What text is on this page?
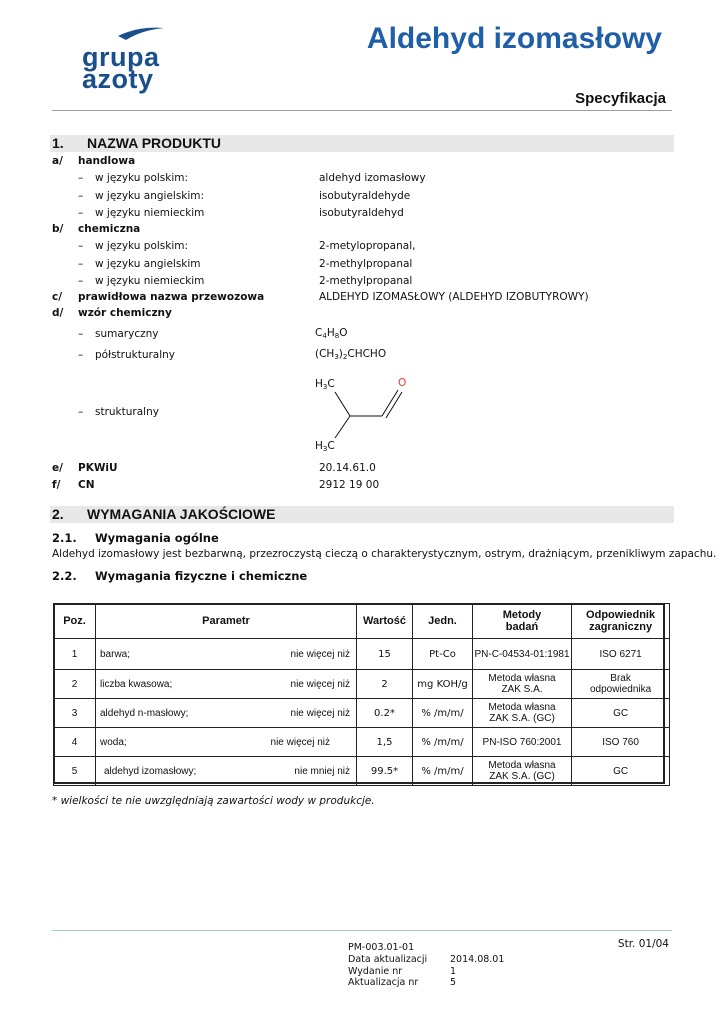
grupa
azoty
Aldehyd izomasłowy
Specyfikacja
1. NAZWA PRODUKTU
a/ handlowa
– w języku polskim:	aldehyd izomasłowy
– w języku angielskim:	isobutyraldehyde
– w języku niemieckim	isobutyraldehyd
b/ chemiczna
– w języku polskim:	2-metylopropanal,
– w języku angielskim	2-methylpropanal
– w języku niemieckim	2-methylpropanal
c/ prawidłowa nazwa przewozowa	ALDEHYD IZOMASŁOWY (ALDEHYD IZOBUTYROWY)
d/ wzór chemiczny
– sumaryczny	$C_4H_8O$
– półstrukturalny	$(CH_3)_2CHCHO$
– strukturalny
$H_3C$
$H_3C$
O
e/ PKWiU	20.14.61.0
f/ CN	2912 19 00
2. WYMAGANIA JAKOŚCIOWE
2.1. Wymagania ogólne
Aldehyd izomasłowy jest bezbarwną, przezroczystą cieczą o charakterystycznym, ostrym, drażniącym, przenikliwym zapachu.
2.2. Wymagania fizyczne i chemiczne
Poz.	Parametr	Wartość	Jedn.	Metody badań	Odpowiednik zagraniczny
1	barwa; nie więcej niż	15	Pt-Co	PN-C-04534-01:1981	ISO 6271
2	liczba kwasowa; nie więcej niż	2	mg KOH/g	Metoda własna ZAK S.A.	Brak odpowiednika
3	aldehyd n-masłowy; nie więcej niż	0.2*	% /m/m/	Metoda własna ZAK S.A. (GC)	GC
4	woda; nie więcej niż	1,5	% /m/m/	PN-ISO 760:2001	ISO 760
5	aldehyd izomasłowy; nie mniej niż	99.5*	% /m/m/	Metoda własna ZAK S.A. (GC)	GC
* wielkości te nie uwzględniają zawartości wody w produkcje.
Str. 01/04
PM-003.01-01
Data aktualizacji 2014.08.01
Wydanie nr	1
Aktualizacja nr	5
